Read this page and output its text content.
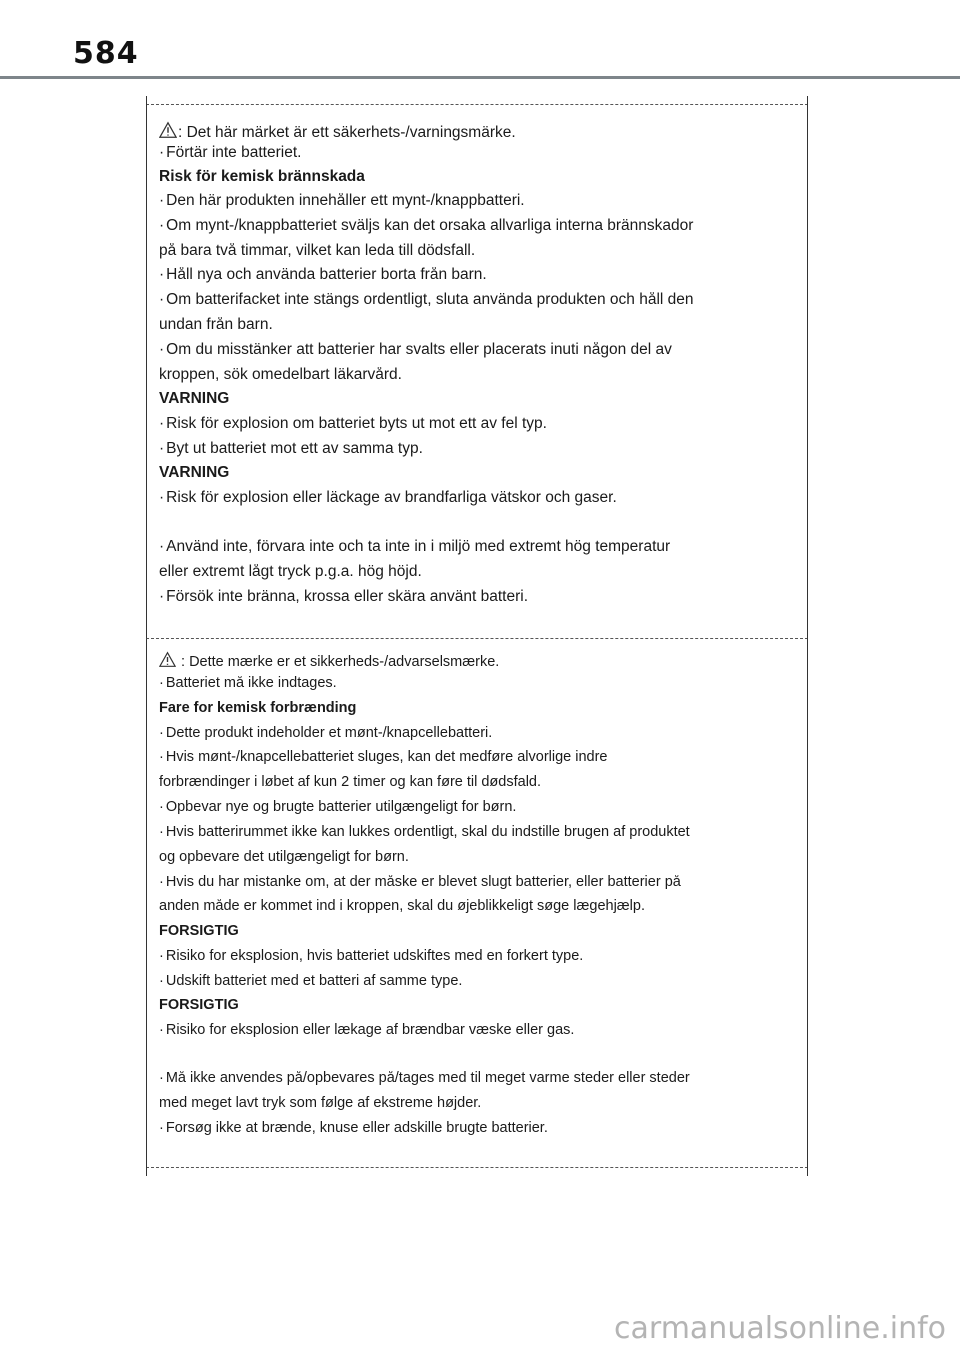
584
: Det här märket är ett säkerhets-/varningsmärke.
· Förtär inte batteriet.
Risk för kemisk brännskada
· Den här produkten innehåller ett mynt-/knappbatteri.
· Om mynt-/knappbatteriet sväljs kan det orsaka allvarliga interna brännskador
på bara två timmar, vilket kan leda till dödsfall.
· Håll nya och använda batterier borta från barn.
· Om batterifacket inte stängs ordentligt, sluta använda produkten och håll den
undan från barn.
· Om du misstänker att batterier har svalts eller placerats inuti någon del av
kroppen, sök omedelbart läkarvård.
VARNING
· Risk för explosion om batteriet byts ut mot ett av fel typ.
· Byt ut batteriet mot ett av samma typ.
VARNING
· Risk för explosion eller läckage av brandfarliga vätskor och gaser.
· Använd inte, förvara inte och ta inte in i miljö med extremt hög temperatur
eller extremt lågt tryck p.g.a. hög höjd.
· Försök inte bränna, krossa eller skära använt batteri.
: Dette mærke er et sikkerheds-/advarselsmærke.
· Batteriet må ikke indtages.
Fare for kemisk forbrænding
· Dette produkt indeholder et mønt-/knapcellebatteri.
· Hvis mønt-/knapcellebatteriet sluges, kan det medføre alvorlige indre
forbrændinger i løbet af kun 2 timer og kan føre til dødsfald.
· Opbevar nye og brugte batterier utilgængeligt for børn.
· Hvis batterirummet ikke kan lukkes ordentligt, skal du indstille brugen af produktet
og opbevare det utilgængeligt for børn.
· Hvis du har mistanke om, at der måske er blevet slugt batterier, eller batterier på
anden måde er kommet ind i kroppen, skal du øjeblikkeligt søge lægehjælp.
FORSIGTIG
· Risiko for eksplosion, hvis batteriet udskiftes med en forkert type.
· Udskift batteriet med et batteri af samme type.
FORSIGTIG
· Risiko for eksplosion eller lækage af brændbar væske eller gas.
· Må ikke anvendes på/opbevares på/tages med til meget varme steder eller steder
med meget lavt tryk som følge af ekstreme højder.
· Forsøg ikke at brænde, knuse eller adskille brugte batterier.
carmanualsonline.info
